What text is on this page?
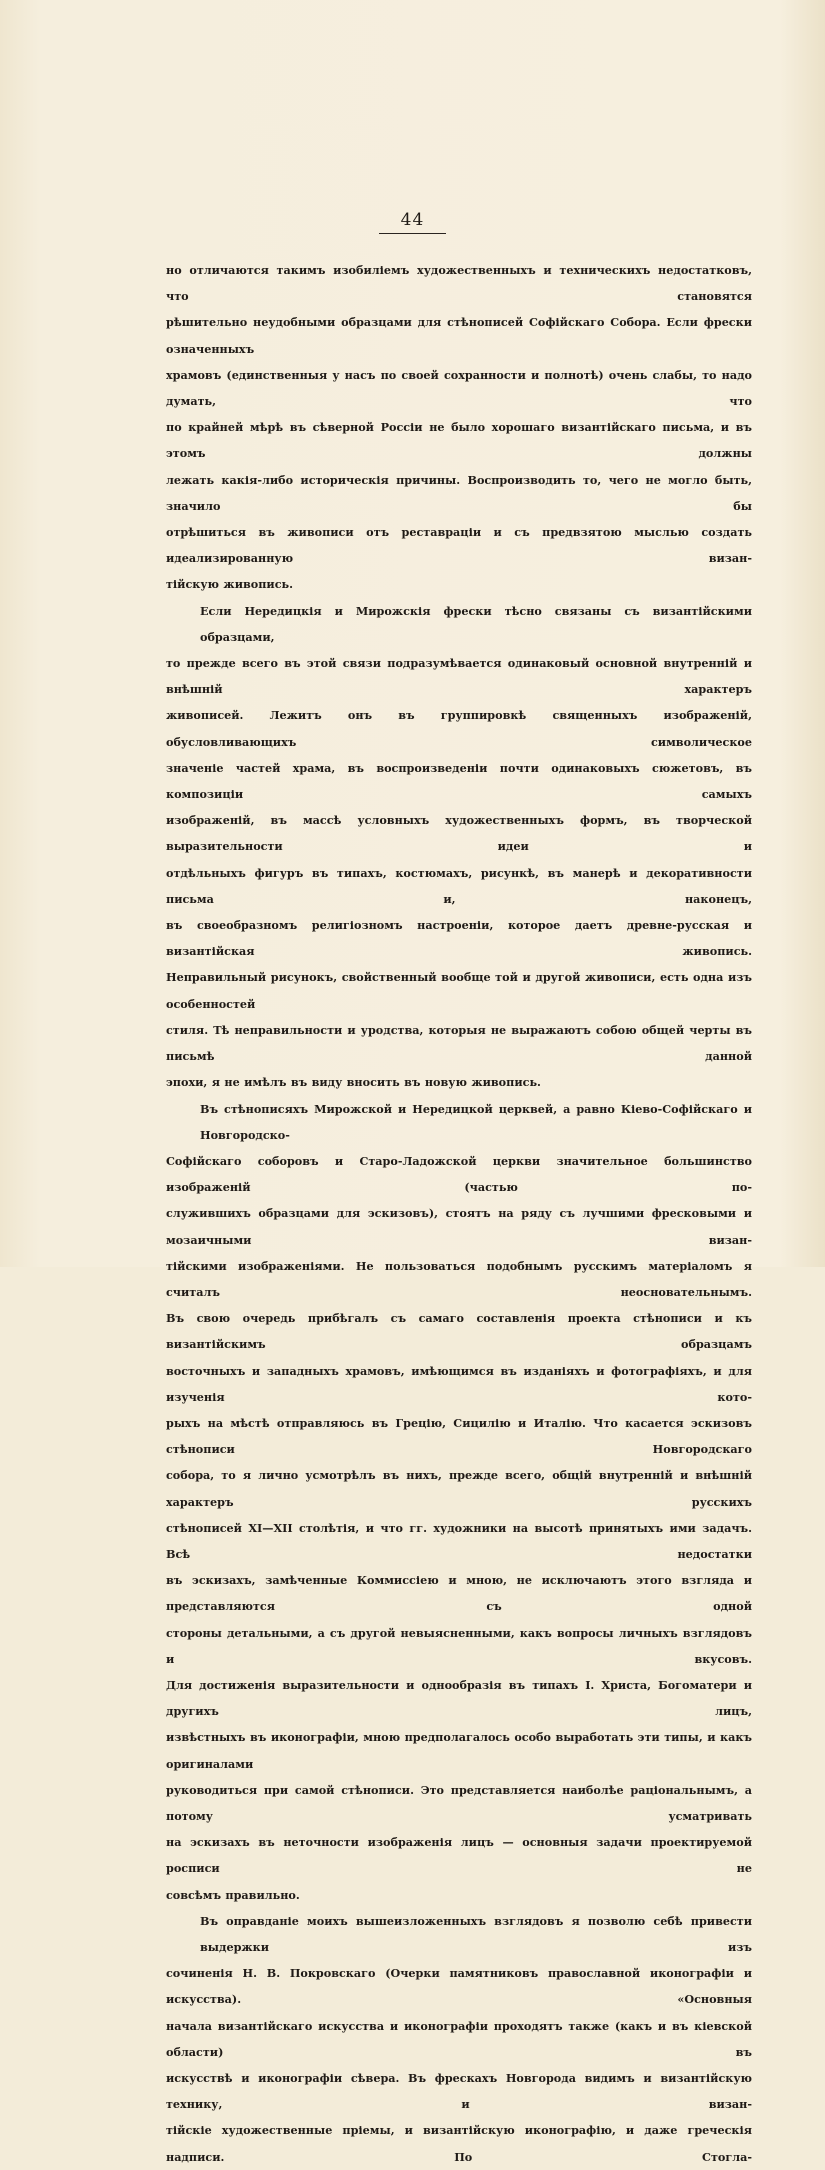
44

но отличаются такимъ изобиліемъ художественныхъ и техническихъ недостатковъ, что становятся
рѣшительно неудобными образцами для стѣнописей Софійскаго Собора. Если фрески означенныхъ
храмовъ (единственныя у насъ по своей сохранности и полнотѣ) очень слабы, то надо думать, что
по крайней мѣрѣ въ сѣверной Россіи не было хорошаго византійскаго письма, и въ этомъ должны
лежать какія-либо историческія причины. Воспроизводить то, чего не могло быть, значило бы
отрѣшиться въ живописи отъ реставраціи и съ предвзятою мыслью создать идеализированную визан-
тійскую живопись.

Если Нередицкія и Мирожскія фрески тѣсно связаны съ византійскими образцами,
то прежде всего въ этой связи подразумѣвается одинаковый основной внутренній и внѣшній характеръ
живописей. Лежитъ онъ въ группировкѣ священныхъ изображеній, обусловливающихъ символическое
значеніе частей храма, въ воспроизведеніи почти одинаковыхъ сюжетовъ, въ композиціи самыхъ
изображеній, въ массѣ условныхъ художественныхъ формъ, въ творческой выразительности идеи и
отдѣльныхъ фигуръ въ типахъ, костюмахъ, рисункѣ, въ манерѣ и декоративности письма и, наконецъ,
въ своеобразномъ религіозномъ настроеніи, которое даетъ древне-русская и византійская живопись.
Неправильный рисунокъ, свойственный вообще той и другой живописи, есть одна изъ особенностей
стиля. Тѣ неправильности и уродства, которыя не выражаютъ собою общей черты въ письмѣ данной
эпохи, я не имѣлъ въ виду вносить въ новую живопись.

Въ стѣнописяхъ Мирожской и Нередицкой церквей, а равно Кіево-Софійскаго и Новгородско-
Софійскаго соборовъ и Старо-Ладожской церкви значительное большинство изображеній (частью по-
служившихъ образцами для эскизовъ), стоятъ на ряду съ лучшими фресковыми и мозаичными визан-
тійскими изображеніями. Не пользоваться подобнымъ русскимъ матеріаломъ я считалъ неосновательнымъ.
Въ свою очередь прибѣгалъ съ самаго составленія проекта стѣнописи и къ византійскимъ образцамъ
восточныхъ и западныхъ храмовъ, имѣющимся въ изданіяхъ и фотографіяхъ, и для изученія кото-
рыхъ на мѣстѣ отправляюсь въ Грецію, Сицилію и Италію. Что касается эскизовъ стѣнописи Новгородскаго
собора, то я лично усмотрѣлъ въ нихъ, прежде всего, общій внутренній и внѣшній характеръ русскихъ
стѣнописей XI—XII столѣтія, и что гг. художники на высотѣ принятыхъ ими задачъ. Всѣ недостатки
въ эскизахъ, замѣченные Коммиссіею и мною, не исключаютъ этого взгляда и представляются съ одной
стороны детальными, а съ другой невыясненными, какъ вопросы личныхъ взглядовъ и вкусовъ.
Для достиженія выразительности и однообразія въ типахъ І. Христа, Богоматери и другихъ лицъ,
извѣстныхъ въ иконографіи, мною предполагалось особо выработать эти типы, и какъ оригиналами
руководиться при самой стѣнописи. Это представляется наиболѣе раціональнымъ, а потому усматривать
на эскизахъ въ неточности изображенія лицъ — основныя задачи проектируемой росписи не
совсѣмъ правильно.

Въ оправданіе моихъ вышеизложенныхъ взглядовъ я позволю себѣ привести выдержки изъ
сочиненія Н. В. Покровскаго (Очерки памятниковъ православной иконографіи и искусства). «Основныя
начала византійскаго искусства и иконографіи проходятъ также (какъ и въ кіевской области) въ
искусствѣ и иконографіи сѣвера. Въ фрескахъ Новгорода видимъ и византійскую технику, и визан-
тійскіе художественные пріемы, и византійскую иконографію, и даже греческія надписи. По Стогла-
